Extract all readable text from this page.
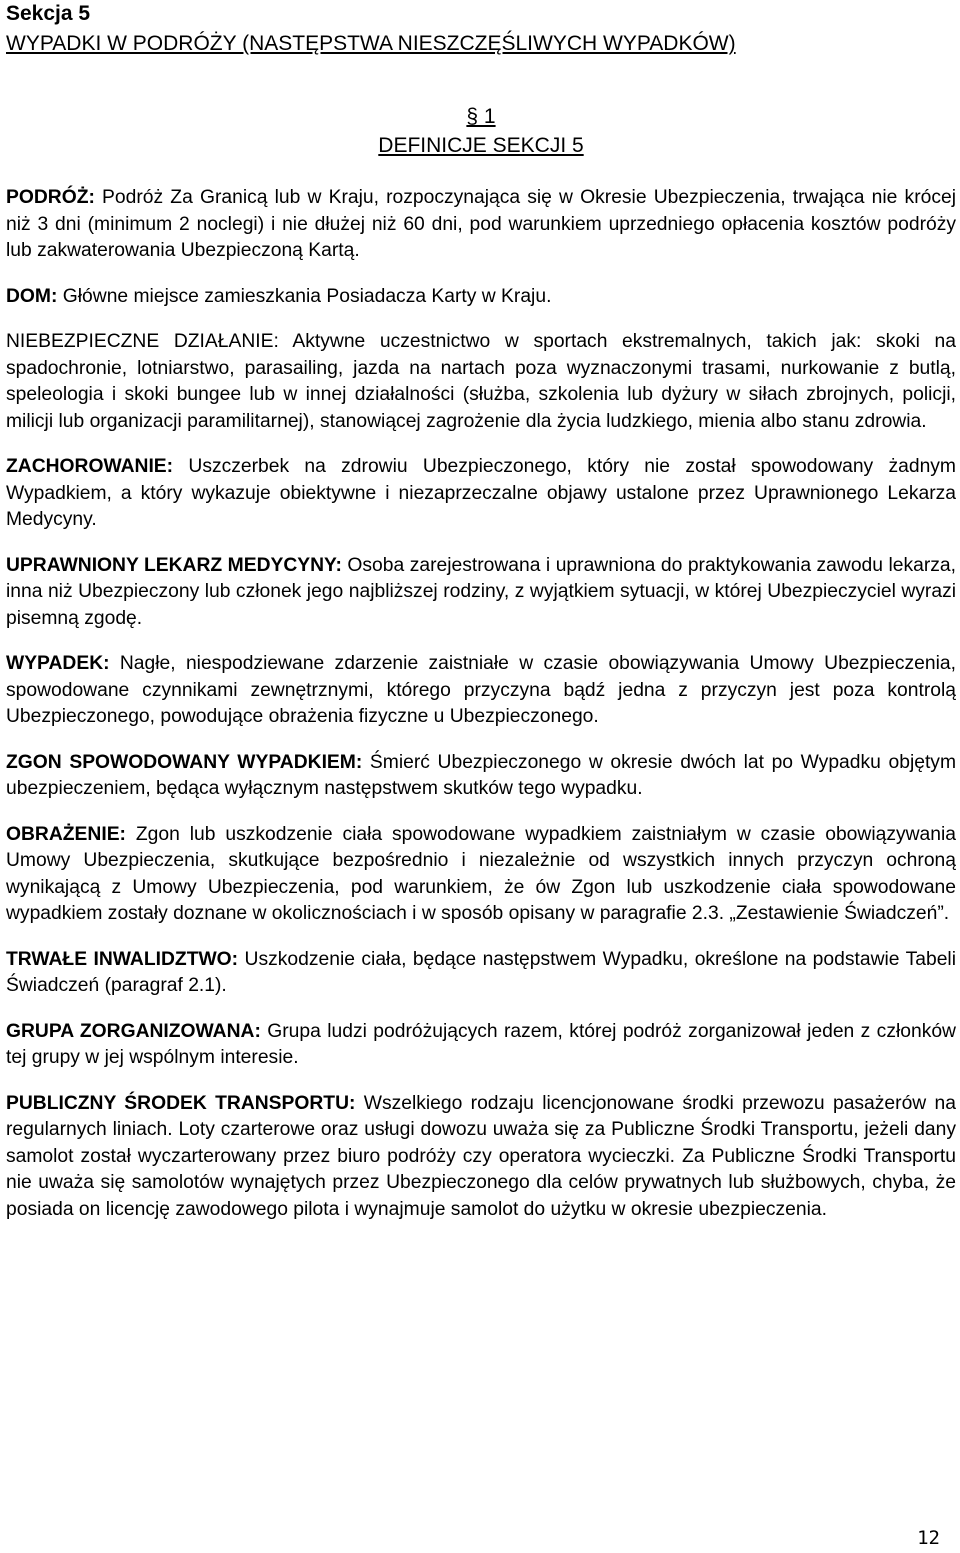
Sekcja 5

WYPADKI W PODRÓŻY (NASTĘPSTWA NIESZCZĘŚLIWYCH WYPADKÓW)

§ 1

DEFINICJE SEKCJI 5

PODRÓŻ: Podróż Za Granicą lub w Kraju, rozpoczynająca się w Okresie Ubezpieczenia, trwająca nie krócej niż 3 dni (minimum 2 noclegi) i nie dłużej niż 60 dni, pod warunkiem uprzedniego opłacenia kosztów podróży lub zakwaterowania Ubezpieczoną Kartą.

DOM: Główne miejsce zamieszkania Posiadacza Karty w Kraju.

NIEBEZPIECZNE DZIAŁANIE: Aktywne uczestnictwo w sportach ekstremalnych, takich jak: skoki na spadochronie, lotniarstwo, parasailing, jazda na nartach poza wyznaczonymi trasami, nurkowanie z butlą, speleologia i skoki bungee lub w innej działalności (służba, szkolenia lub dyżury w siłach zbrojnych, policji, milicji lub organizacji paramilitarnej), stanowiącej zagrożenie dla życia ludzkiego, mienia albo stanu zdrowia.

ZACHOROWANIE: Uszczerbek na zdrowiu Ubezpieczonego, który nie został spowodowany żadnym Wypadkiem, a który wykazuje obiektywne i niezaprzeczalne objawy ustalone przez Uprawnionego Lekarza Medycyny.

UPRAWNIONY LEKARZ MEDYCYNY: Osoba zarejestrowana i uprawniona do praktykowania zawodu lekarza, inna niż Ubezpieczony lub członek jego najbliższej rodziny, z wyjątkiem sytuacji, w której Ubezpieczyciel wyrazi pisemną zgodę.

WYPADEK: Nagłe, niespodziewane zdarzenie zaistniałe w czasie obowiązywania Umowy Ubezpieczenia, spowodowane czynnikami zewnętrznymi, którego przyczyna bądź jedna z przyczyn jest poza kontrolą Ubezpieczonego, powodujące obrażenia fizyczne u Ubezpieczonego.

ZGON SPOWODOWANY WYPADKIEM: Śmierć Ubezpieczonego w okresie dwóch lat po Wypadku objętym ubezpieczeniem, będąca wyłącznym następstwem skutków tego wypadku.

OBRAŻENIE: Zgon lub uszkodzenie ciała spowodowane wypadkiem zaistniałym w czasie obowiązywania Umowy Ubezpieczenia, skutkujące bezpośrednio i niezależnie od wszystkich innych przyczyn ochroną wynikającą z Umowy Ubezpieczenia, pod warunkiem, że ów Zgon lub uszkodzenie ciała spowodowane wypadkiem zostały doznane w okolicznościach i w sposób opisany w paragrafie 2.3. „Zestawienie Świadczeń”.

TRWAŁE INWALIDZTWO: Uszkodzenie ciała, będące następstwem Wypadku, określone na podstawie Tabeli Świadczeń (paragraf 2.1).

GRUPA ZORGANIZOWANA: Grupa ludzi podróżujących razem, której podróż zorganizował jeden z członków tej grupy w jej wspólnym interesie.

PUBLICZNY ŚRODEK TRANSPORTU: Wszelkiego rodzaju licencjonowane środki przewozu pasażerów na regularnych liniach. Loty czarterowe oraz usługi dowozu uważa się za Publiczne Środki Transportu, jeżeli dany samolot został wyczarterowany przez biuro podróży czy operatora wycieczki. Za Publiczne Środki Transportu nie uważa się samolotów wynajętych przez Ubezpieczonego dla celów prywatnych lub służbowych, chyba, że posiada on licencję zawodowego pilota i wynajmuje samolot do użytku w okresie ubezpieczenia.

12
